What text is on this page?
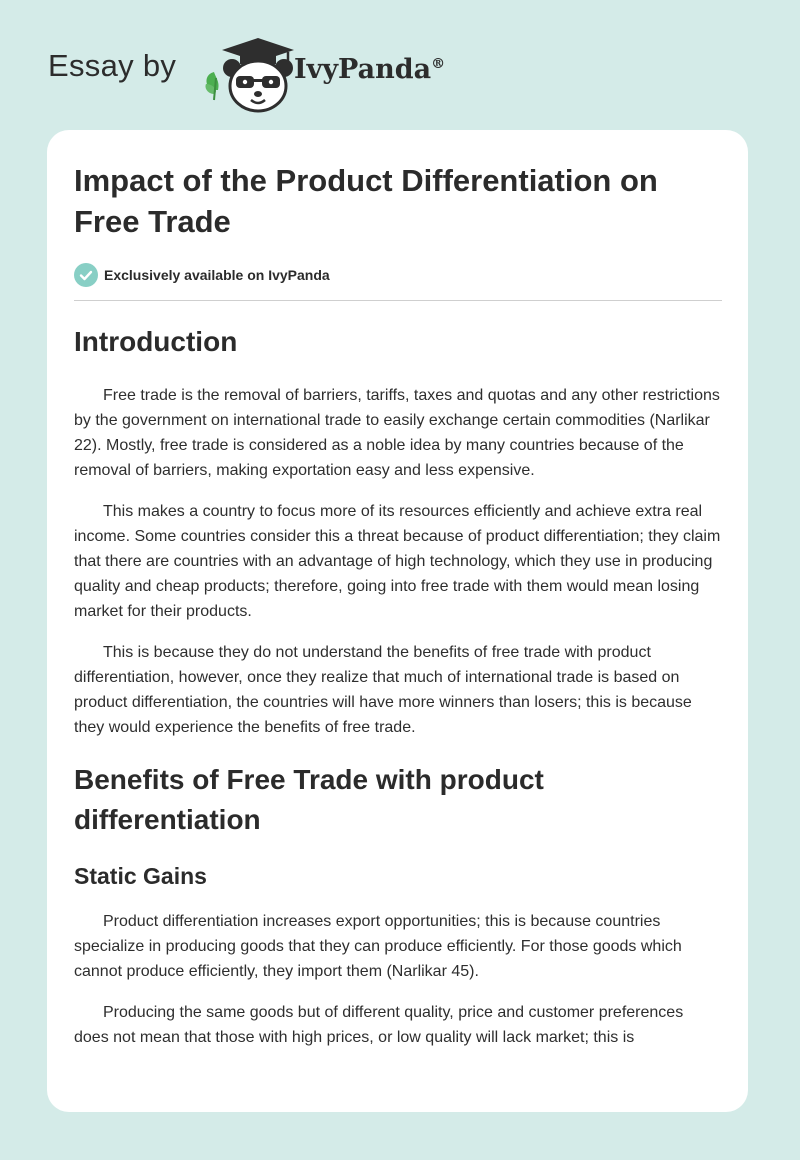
Essay by	IvyPanda®
Impact of the Product Differentiation on Free Trade
Exclusively available on IvyPanda
Introduction

Free trade is the removal of barriers, tariffs, taxes and quotas and any other restrictions by the government on international trade to easily exchange certain commodities (Narlikar 22). Mostly, free trade is considered as a noble idea by many countries because of the removal of barriers, making exportation easy and less expensive.

This makes a country to focus more of its resources efficiently and achieve extra real income. Some countries consider this a threat because of product differentiation; they claim that there are countries with an advantage of high technology, which they use in producing quality and cheap products; therefore, going into free trade with them would mean losing market for their products.

This is because they do not understand the benefits of free trade with product differentiation, however, once they realize that much of international trade is based on product differentiation, the countries will have more winners than losers; this is because they would experience the benefits of free trade.

Benefits of Free Trade with product differentiation
Static Gains

Product differentiation increases export opportunities; this is because countries specialize in producing goods that they can produce efficiently. For those goods which cannot produce efficiently, they import them (Narlikar 45).

Producing the same goods but of different quality, price and customer preferences does not mean that those with high prices, or low quality will lack market; this is
